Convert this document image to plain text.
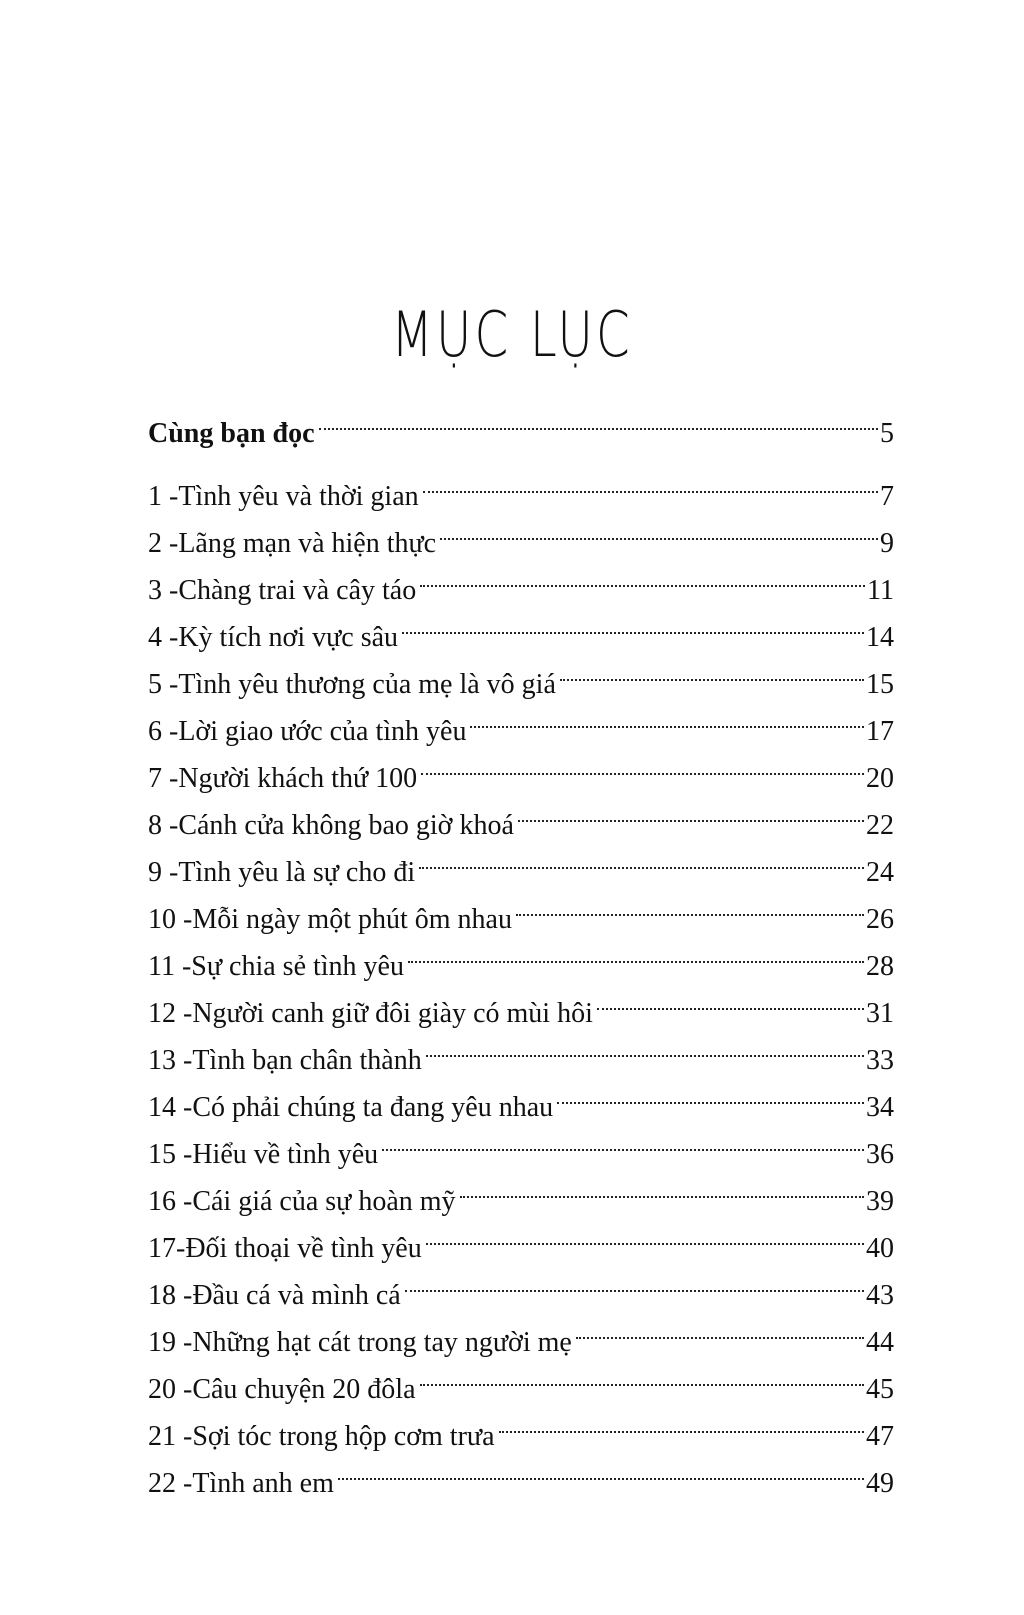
MỤC LỤC
Cùng bạn đọc	5
1 -Tình yêu và thời gian	7
2 -Lãng mạn và hiện thực	9
3 -Chàng trai và cây táo	11
4 -Kỳ tích nơi vực sâu	14
5 -Tình yêu thương của mẹ là vô giá	15
6 -Lời giao ước của tình yêu	17
7 -Người khách thứ 100	20
8 -Cánh cửa không bao giờ khoá	22
9 -Tình yêu là sự cho đi	24
10 -Mỗi ngày một phút ôm nhau	26
11 -Sự chia sẻ tình yêu	28
12 -Người canh giữ đôi giày có mùi hôi	31
13 -Tình bạn chân thành	33
14 -Có phải chúng ta đang yêu nhau	34
15 -Hiểu về tình yêu	36
16 -Cái giá của sự hoàn mỹ	39
17-Đối thoại về tình yêu	40
18 -Đầu cá và mình cá	43
19 -Những hạt cát trong tay người mẹ	44
20 -Câu chuyện 20 đôla	45
21 -Sợi tóc trong hộp cơm trưa	47
22 -Tình anh em	49
